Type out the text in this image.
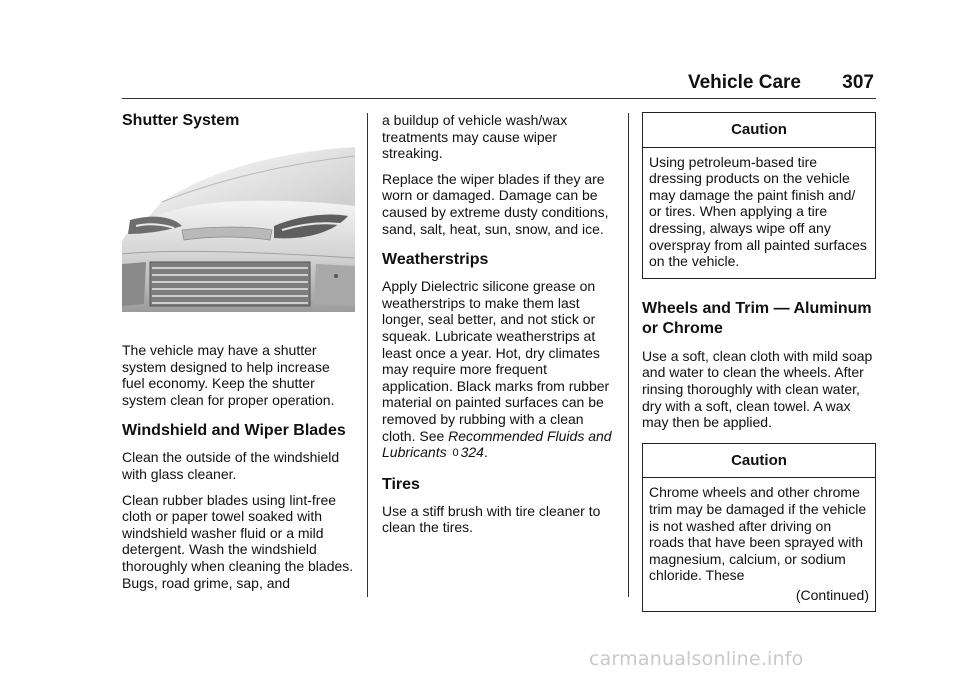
Vehicle Care 307
Shutter System

The vehicle may have a shutter system designed to help increase fuel economy. Keep the shutter system clean for proper operation.

Windshield and Wiper Blades

Clean the outside of the windshield with glass cleaner.

Clean rubber blades using lint-free cloth or paper towel soaked with windshield washer fluid or a mild detergent. Wash the windshield thoroughly when cleaning the blades. Bugs, road grime, sap, and

a buildup of vehicle wash/wax treatments may cause wiper streaking.

Replace the wiper blades if they are worn or damaged. Damage can be caused by extreme dusty conditions, sand, salt, heat, sun, snow, and ice.

Weatherstrips

Apply Dielectric silicone grease on weatherstrips to make them last longer, seal better, and not stick or squeak. Lubricate weatherstrips at least once a year. Hot, dry climates may require more frequent application. Black marks from rubber material on painted surfaces can be removed by rubbing with a clean cloth. See Recommended Fluids and Lubricants 0 324.

Tires

Use a stiff brush with tire cleaner to clean the tires.

Caution
Using petroleum-based tire dressing products on the vehicle may damage the paint finish and/ or tires. When applying a tire dressing, always wipe off any overspray from all painted surfaces on the vehicle.
Wheels and Trim — Aluminum or Chrome

Use a soft, clean cloth with mild soap and water to clean the wheels. After rinsing thoroughly with clean water, dry with a soft, clean towel. A wax may then be applied.

Caution
Chrome wheels and other chrome trim may be damaged if the vehicle is not washed after driving on roads that have been sprayed with magnesium, calcium, or sodium chloride. These
(Continued)
carmanualsonline.info
